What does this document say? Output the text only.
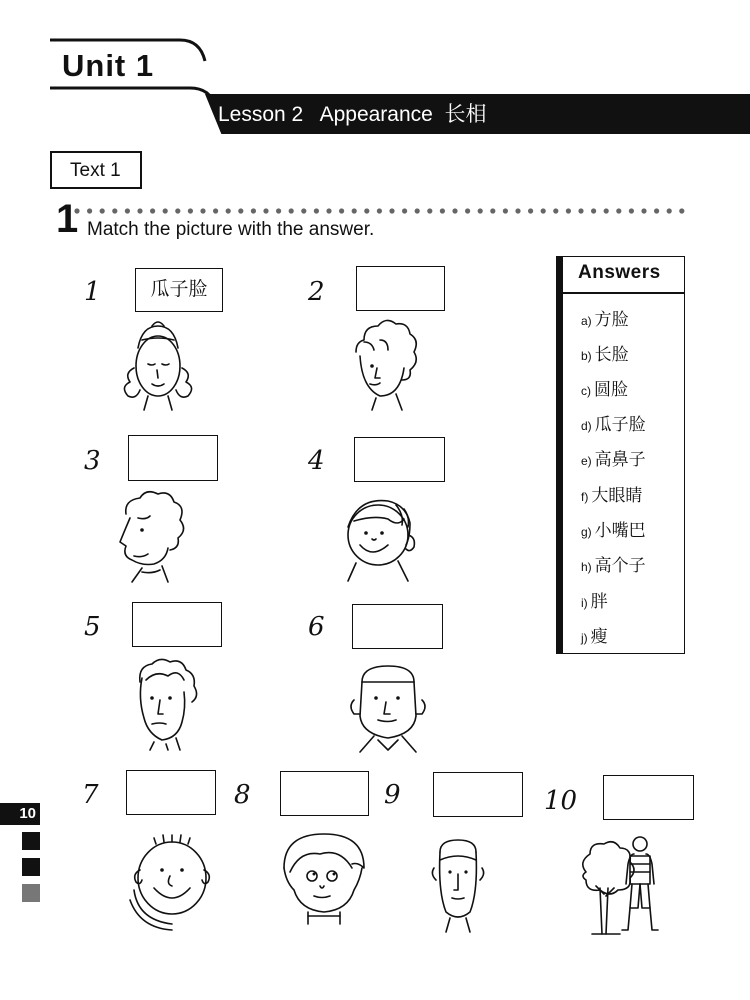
Unit 1
Lesson 2   Appearance  长相
Text 1
1 Match the picture with the answer.
1	瓜子脸	2
3	4
5	6
7	8	9	10
Answers
a) 方脸
b) 长脸
c) 圆脸
d) 瓜子脸
e) 高鼻子
f) 大眼睛
g) 小嘴巴
h) 高个子
i) 胖
j) 瘦
10
